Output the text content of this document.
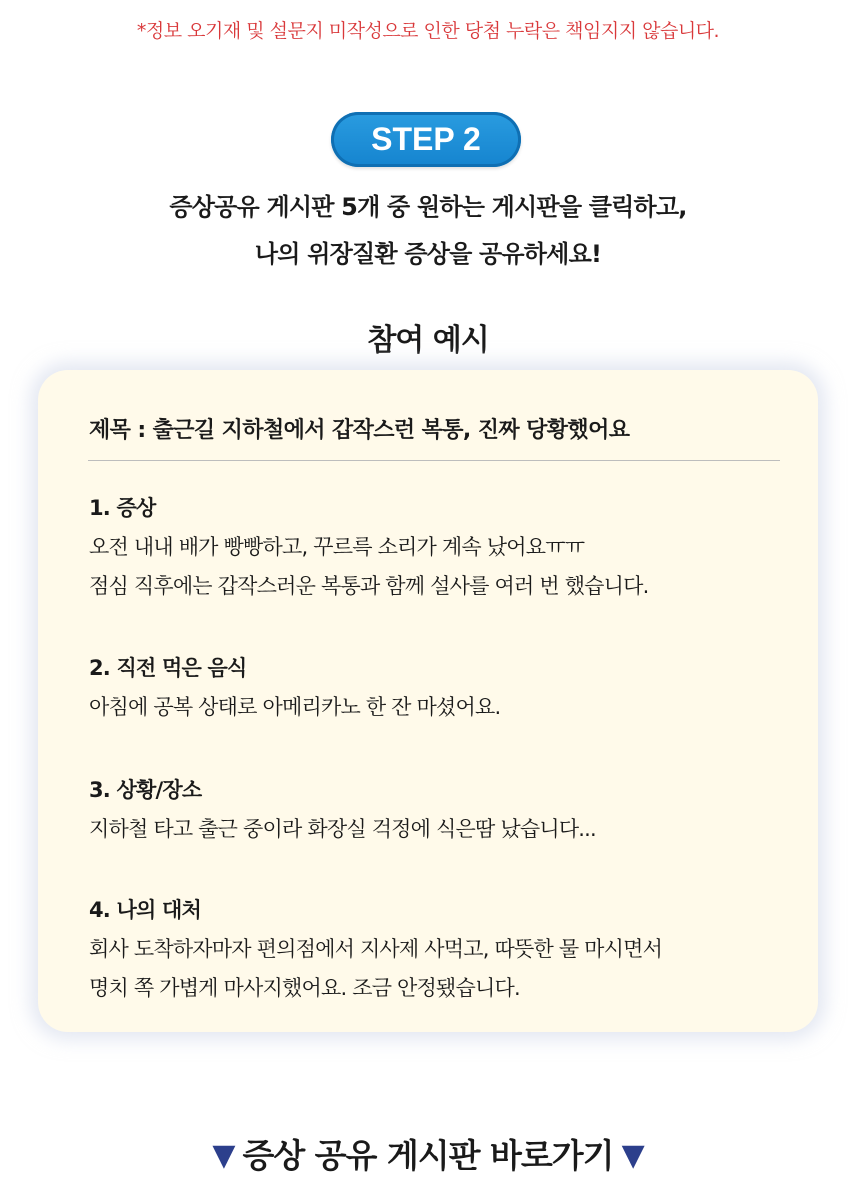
*정보 오기재 및 설문지 미작성으로 인한 당첨 누락은 책임지지 않습니다.
STEP 2
증상공유 게시판 5개 중 원하는 게시판을 클릭하고,
나의 위장질환 증상을 공유하세요!
참여 예시
제목 : 출근길 지하철에서 갑작스런 복통, 진짜 당황했어요
1. 증상
오전 내내 배가 빵빵하고, 꾸르륵 소리가 계속 났어요ㅠㅠ
점심 직후에는 갑작스러운 복통과 함께 설사를 여러 번 했습니다.
2. 직전 먹은 음식
아침에 공복 상태로 아메리카노 한 잔 마셨어요.
3. 상황/장소
지하철 타고 출근 중이라 화장실 걱정에 식은땀 났습니다...
4. 나의 대처
회사 도착하자마자 편의점에서 지사제 사먹고, 따뜻한 물 마시면서
명치 쪽 가볍게 마사지했어요. 조금 안정됐습니다.
▼ 증상 공유 게시판 바로가기 ▼
